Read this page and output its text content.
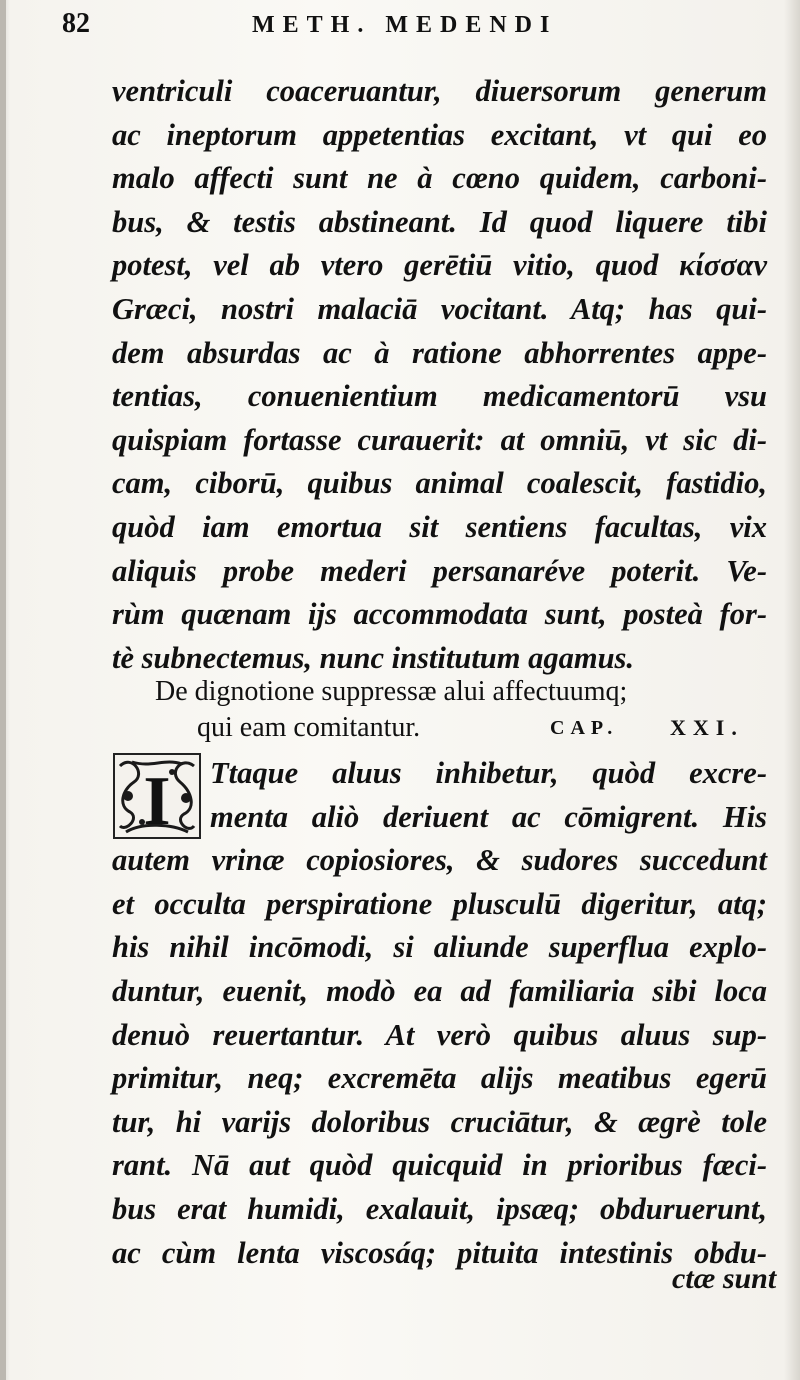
82	METH. MEDENDI
ventriculi coaceruantur, diuersorum generum
ac ineptorum appetentias excitant, vt qui eo
malo affecti sunt ne à cœno quidem, carboni-
bus, & testis abstineant. Id quod liquere tibi
potest, vel ab vtero gerētiū vitio, quod κίσσαν
Græci, nostri malaciā vocitant. Atq; has qui-
dem absurdas ac à ratione abhorrentes appe-
tentias, conuenientium medicamentorū vsu
quispiam fortasse curauerit: at omniū, vt sic di-
cam, ciborū, quibus animal coalescit, fastidio,
quòd iam emortua sit sentiens facultas, vix
aliquis probe mederi persanaréve poterit. Ve-
rùm quænam ijs accommodata sunt, posteà for-
tè subnectemus, nunc institutum agamus.
De dignotione suppressæ alui affectuumq;
qui eam comitantur.	CAP. XXI.
I	Ttaque aluus inhibetur, quòd excre-
menta aliò deriuent ac cōmigrent. His
autem vrinæ copiosiores, & sudores succedunt
et occulta perspiratione plusculū digeritur, atq;
his nihil incōmodi, si aliunde superflua explo-
duntur, euenit, modò ea ad familiaria sibi loca
denuò reuertantur. At verò quibus aluus sup-
primitur, neq; excremēta alijs meatibus egerū
tur, hi varijs doloribus cruciātur, & ægrè tole
rant. Nā aut quòd quicquid in prioribus fæci-
bus erat humidi, exalauit, ipsæq; obduruerunt,
ac cùm lenta viscosáq; pituita intestinis obdu-
ctæ sunt
